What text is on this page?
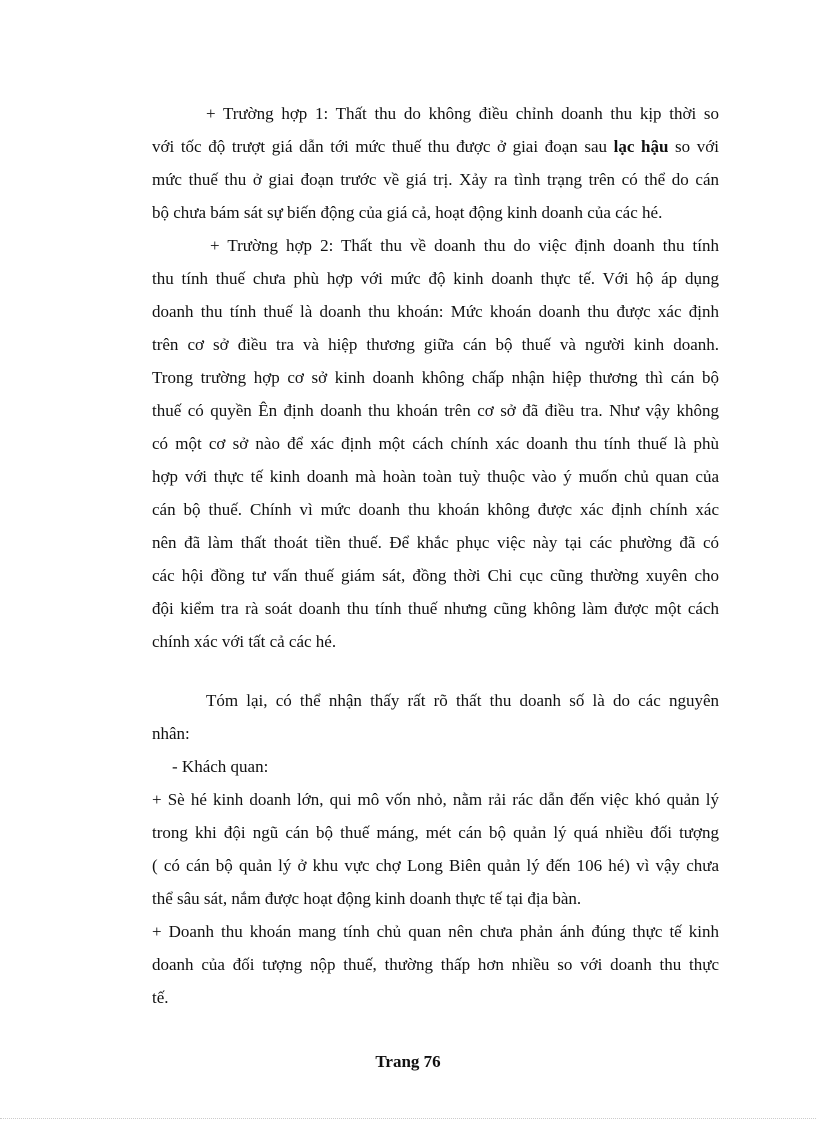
+ Trường hợp 1: Thất thu do không điều chỉnh doanh thu kịp thời so
với tốc độ trượt giá dẫn tới mức thuế thu được ở giai đoạn sau lạc hậu so với
mức thuế thu ở giai đoạn trước về giá trị. Xảy ra tình trạng trên có thể do cán
bộ chưa bám sát sự biến động của giá cả, hoạt động kinh doanh của các hé.
+ Trường hợp 2: Thất thu về doanh thu do việc định doanh thu tính
thu tính thuế chưa phù hợp với mức độ kinh doanh thực tế. Với hộ áp dụng
doanh thu tính thuế là doanh thu khoán: Mức khoán doanh thu được xác định
trên cơ sở điều tra và hiệp thương giữa cán bộ thuế và người kinh doanh.
Trong trường hợp cơ sở kinh doanh không chấp nhận hiệp thương thì cán bộ
thuế có quyền Ên định doanh thu khoán trên cơ sở đã điều tra. Như vậy không
có một cơ sở nào để xác định một cách chính xác doanh thu tính thuế là phù
hợp với thực tế kinh doanh mà hoàn toàn tuỳ thuộc vào ý muốn chủ quan của
cán bộ thuế. Chính vì mức doanh thu khoán không được xác định chính xác
nên đã làm thất thoát tiền thuế. Để khắc phục việc này tại các phường đã có
các hội đồng tư vấn thuế giám sát, đồng thời Chi cục cũng thường xuyên cho
đội kiểm tra rà soát doanh thu tính thuế nhưng cũng không làm được một cách
chính xác với tất cả các hé.
Tóm lại, có thể nhận thấy rất rõ thất thu doanh số là do các nguyên
nhân:
- Khách quan:
+ Sè hé kinh doanh lớn, qui mô vốn nhỏ, nằm rải rác dẫn đến việc khó quản lý
trong khi đội ngũ cán bộ thuế máng, mét cán bộ quản lý quá nhiều đối tượng
( có cán bộ quản lý ở khu vực chợ Long Biên quản lý đến 106 hé) vì vậy chưa
thể sâu sát, nắm được hoạt động kinh doanh thực tế tại địa bàn.
+ Doanh thu khoán mang tính chủ quan nên chưa phản ánh đúng thực tế kinh
doanh của đối tượng nộp thuế, thường thấp hơn nhiều so với doanh thu thực
tế.
Trang 76
